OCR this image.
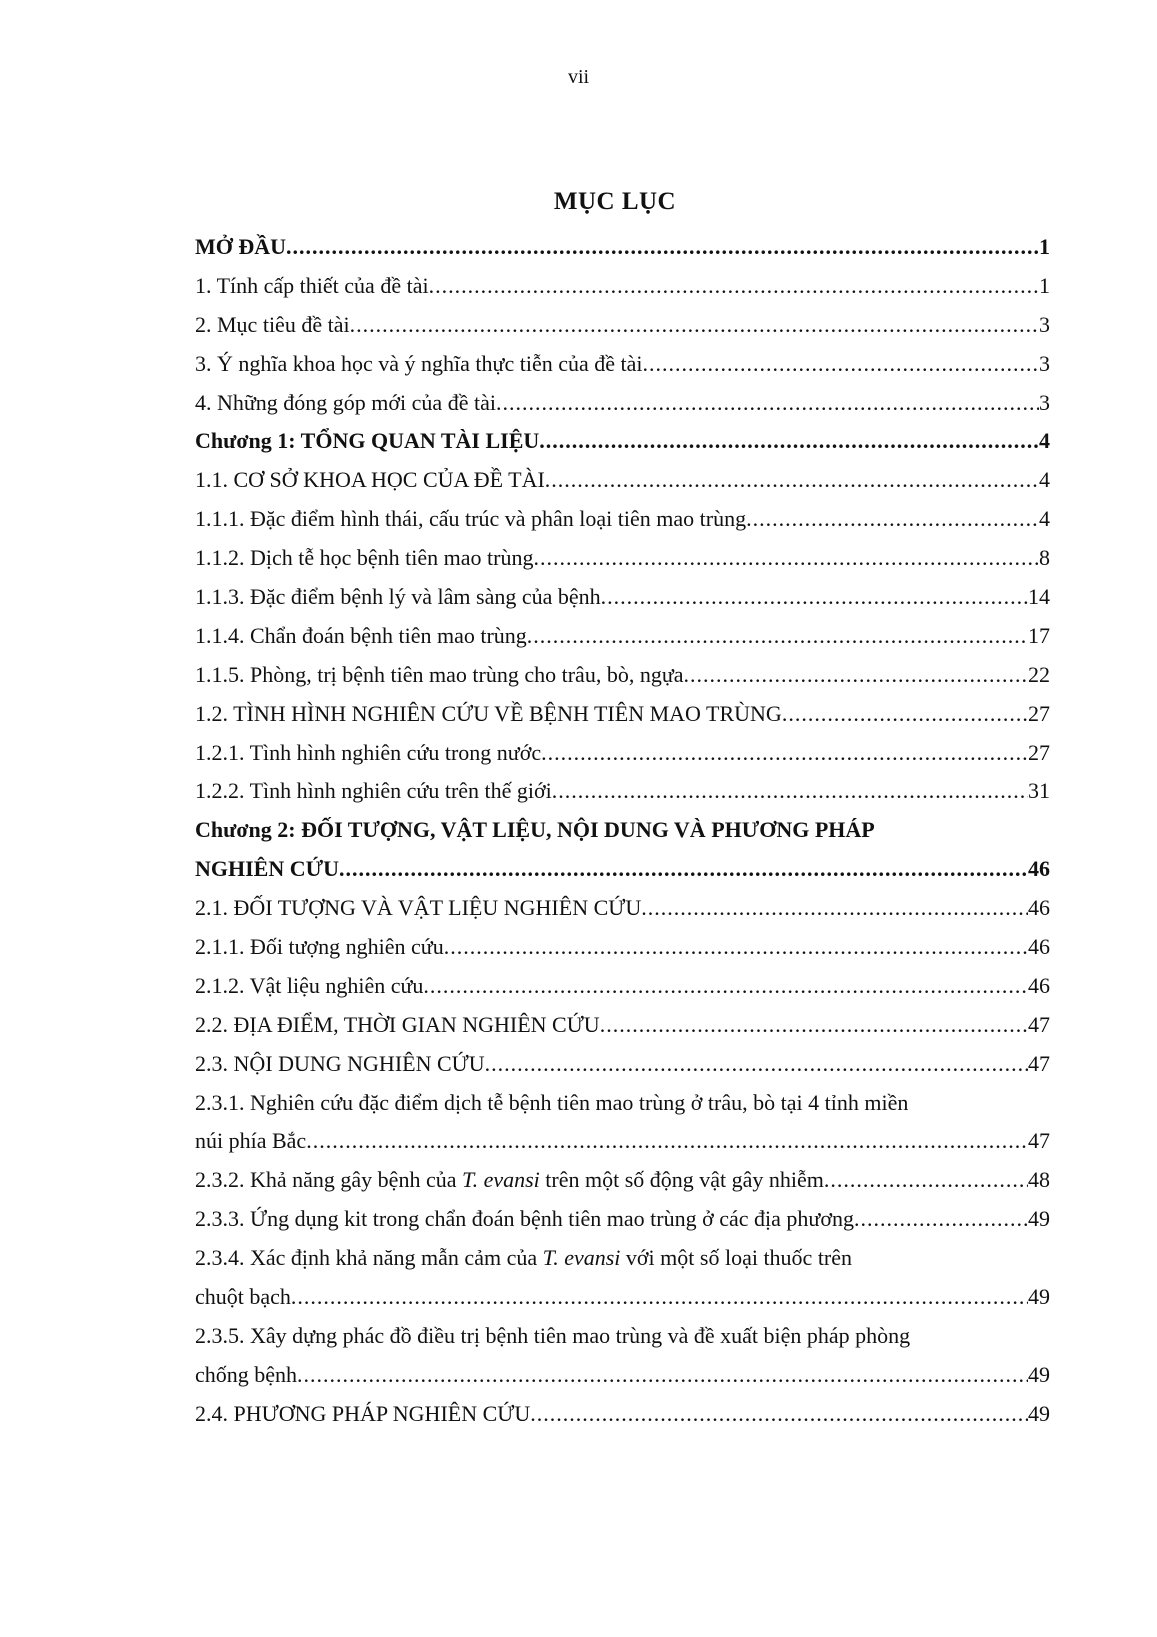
vii
MỤC LỤC
MỞ ĐẦU .....	1
1. Tính cấp thiết của đề tài .....	1
2. Mục tiêu đề tài .....	3
3. Ý nghĩa khoa học và ý nghĩa thực tiễn của đề tài .....	3
4. Những đóng góp mới của đề tài .....	3
Chương 1: TỔNG QUAN TÀI LIỆU .....	4
1.1. CƠ SỞ KHOA HỌC CỦA ĐỀ TÀI .....	4
1.1.1. Đặc điểm hình thái, cấu trúc và phân loại tiên mao trùng .....	4
1.1.2. Dịch tễ học bệnh tiên mao trùng .....	8
1.1.3. Đặc điểm bệnh lý và lâm sàng của bệnh .....	14
1.1.4. Chẩn đoán bệnh tiên mao trùng .....	17
1.1.5. Phòng, trị bệnh tiên mao trùng cho trâu, bò, ngựa .....	22
1.2. TÌNH HÌNH NGHIÊN CỨU VỀ BỆNH TIÊN MAO TRÙNG .....	27
1.2.1. Tình hình nghiên cứu trong nước .....	27
1.2.2. Tình hình nghiên cứu trên thế giới .....	31
Chương 2: ĐỐI TƯỢNG, VẬT LIỆU, NỘI DUNG VÀ PHƯƠNG PHÁP
NGHIÊN CỨU .....	46
2.1. ĐỐI TƯỢNG VÀ VẬT LIỆU NGHIÊN CỨU .....	46
2.1.1. Đối tượng nghiên cứu .....	46
2.1.2. Vật liệu nghiên cứu .....	46
2.2. ĐỊA ĐIỂM, THỜI GIAN NGHIÊN CỨU .....	47
2.3. NỘI DUNG NGHIÊN CỨU .....	47
2.3.1. Nghiên cứu đặc điểm dịch tễ bệnh tiên mao trùng ở trâu, bò tại 4 tỉnh miền
núi phía Bắc .....	47
2.3.2. Khả năng gây bệnh của T. evansi trên một số động vật gây nhiễm .....	48
2.3.3. Ứng dụng kit trong chẩn đoán bệnh tiên mao trùng ở các địa phương .....	49
2.3.4. Xác định khả năng mẫn cảm của T. evansi với một số loại thuốc trên
chuột bạch .....	49
2.3.5. Xây dựng phác đồ điều trị bệnh tiên mao trùng và đề xuất biện pháp phòng
chống bệnh .....	49
2.4. PHƯƠNG PHÁP NGHIÊN CỨU .....	49
